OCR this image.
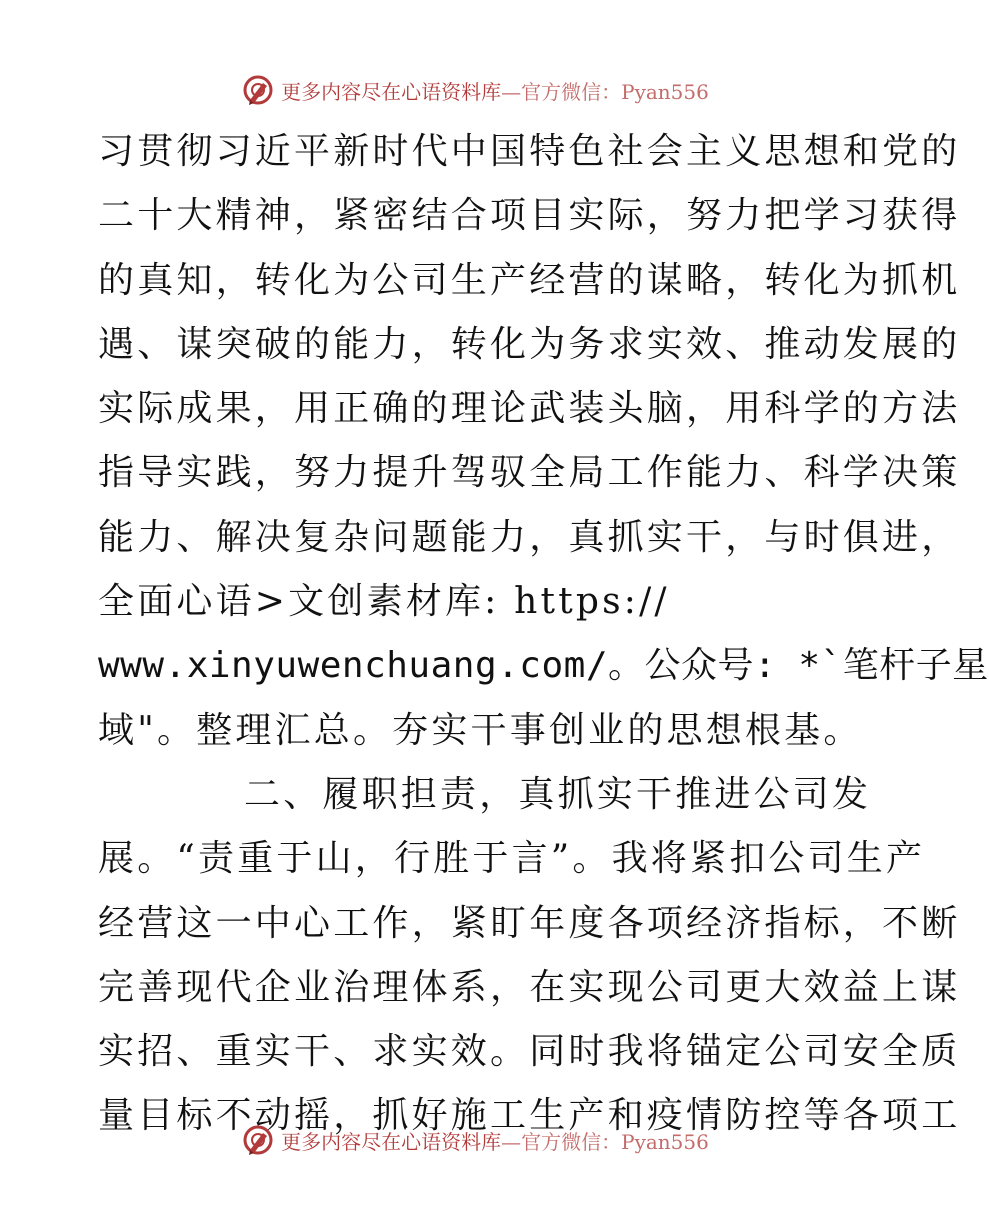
更多内容尽在心语资料库—官方微信：Pyan556
习贯彻习近平新时代中国特色社会主义思想和党的
二十大精神，紧密结合项目实际，努力把学习获得
的真知，转化为公司生产经营的谋略，转化为抓机
遇、谋突破的能力，转化为务求实效、推动发展的
实际成果，用正确的理论武装头脑，用科学的方法
指导实践，努力提升驾驭全局工作能力、科学决策
能力、解决复杂问题能力，真抓实干，与时俱进，
全面心语>文创素材库: https://
www.xinyuwenchuang.com/。公众号: *`笔杆子星
域"。整理汇总。夯实干事创业的思想根基。
二、履职担责，真抓实干推进公司发
展。“责重于山，行胜于言”。我将紧扣公司生产
经营这一中心工作，紧盯年度各项经济指标，不断
完善现代企业治理体系，在实现公司更大效益上谋
实招、重实干、求实效。同时我将锚定公司安全质
量目标不动摇，抓好施工生产和疫情防控等各项工
更多内容尽在心语资料库—官方微信：Pyan556
